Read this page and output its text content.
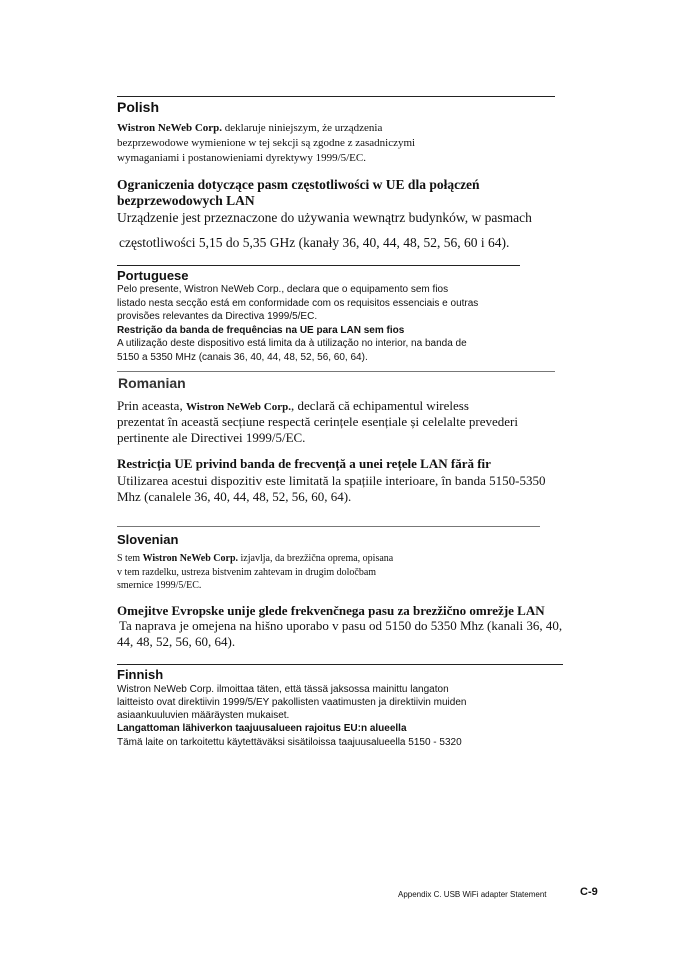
Polish
Wistron NeWeb Corp. deklaruje niniejszym, że urządzenia
bezprzewodowe wymienione w tej sekcji są zgodne z zasadniczymi
wymaganiami i postanowieniami dyrektywy 1999/5/EC.
Ograniczenia dotyczące pasm częstotliwości w UE dla połączeń
bezprzewodowych LAN
Urządzenie jest przeznaczone do używania wewnątrz budynków, w pasmach
częstotliwości 5,15 do 5,35 GHz (kanały 36, 40, 44, 48, 52, 56, 60 i 64).
Portuguese
Pelo presente, Wistron NeWeb Corp., declara que o equipamento sem fios
listado nesta secção está em conformidade com os requisitos essenciais e outras
provisões relevantes da Directiva 1999/5/EC.
Restrição da banda de frequências na UE para LAN sem fios
A utilização deste dispositivo está limita da à utilização no interior, na banda de
5150 a 5350 MHz (canais 36, 40, 44, 48, 52, 56, 60, 64).
Romanian
Prin aceasta, Wistron NeWeb Corp., declară că echipamentul wireless
prezentat în această secțiune respectă cerințele esențiale și celelalte prevederi
pertinente ale Directivei 1999/5/EC.
Restricția UE privind banda de frecvență a unei rețele LAN fără fir
Utilizarea acestui dispozitiv este limitată la spațiile interioare, în banda 5150-5350
Mhz (canalele 36, 40, 44, 48, 52, 56, 60, 64).
Slovenian
S tem Wistron NeWeb Corp. izjavlja, da brezžična oprema, opisana
v tem razdelku, ustreza bistvenim zahtevam in drugim določbam
smernice 1999/5/EC.
Omejitve Evropske unije glede frekvenčnega pasu za brezžično omrežje LAN
Ta naprava je omejena na hišno uporabo v pasu od 5150 do 5350 Mhz (kanali 36, 40,
44, 48, 52, 56, 60, 64).
Finnish
Wistron NeWeb Corp. ilmoittaa täten, että tässä jaksossa mainittu langaton
laitteisto ovat direktiivin 1999/5/EY pakollisten vaatimusten ja direktiivin muiden
asiaankuuluvien määräysten mukaiset.
Langattoman lähiverkon taajuusalueen rajoitus EU:n alueella
Tämä laite on tarkoitettu käytettäväksi sisätiloissa taajuusalueella 5150 - 5320
Appendix C. USB WiFi adapter Statement	C-9
